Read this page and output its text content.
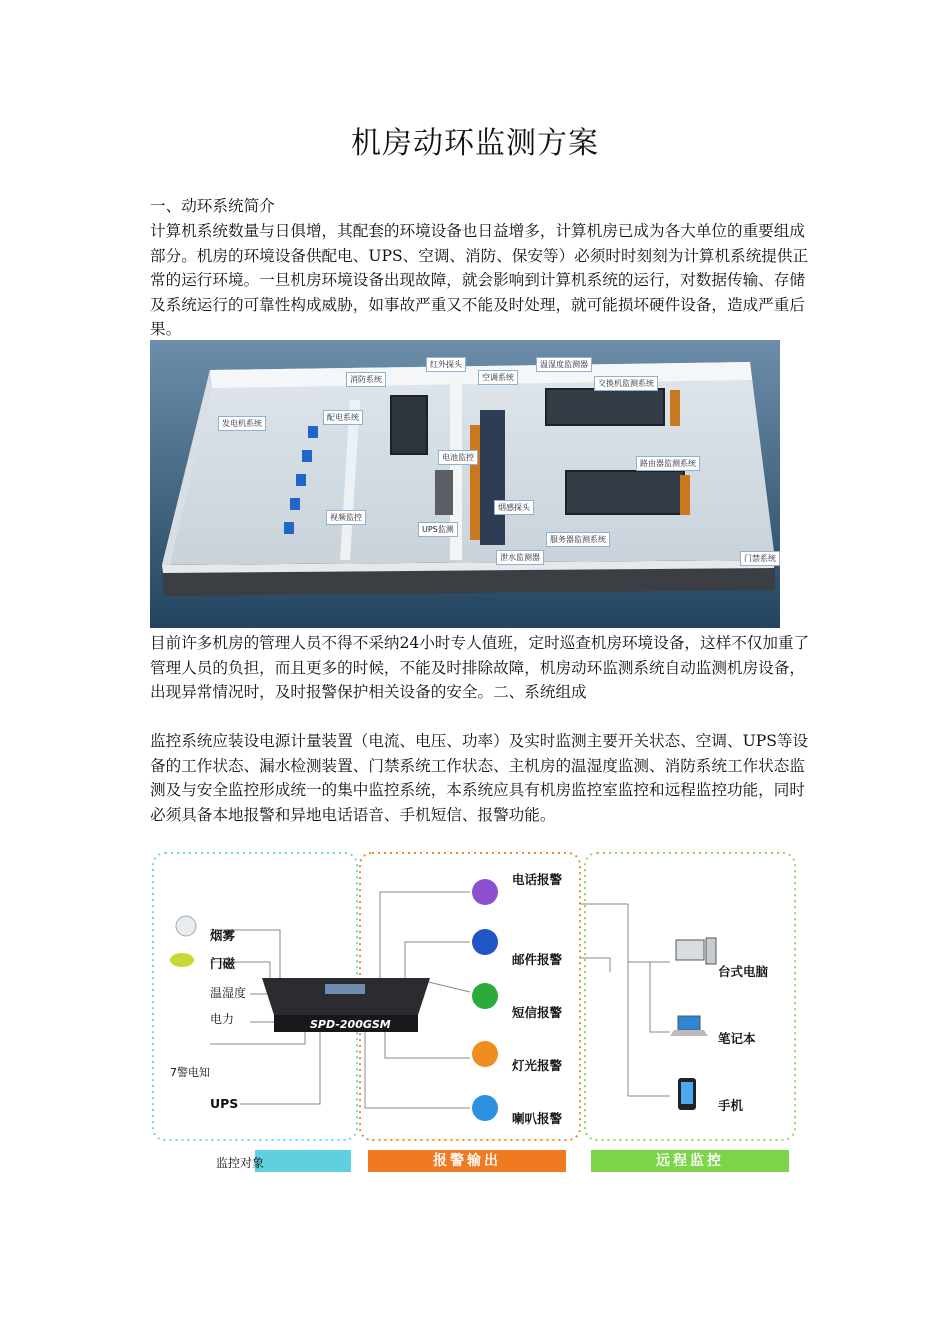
机房动环监测方案
一、动环系统简介
计算机系统数量与日俱增，其配套的环境设备也日益增多，计算机房已成为各大单位的重要组成部分。机房的环境设备供配电、UPS、空调、消防、保安等）必须时时刻刻为计算机系统提供正常的运行环境。一旦机房环境设备出现故障，就会影响到计算机系统的运行，对数据传输、存储及系统运行的可靠性构成威胁，如事故严重又不能及时处理，就可能损坏硬件设备，造成严重后果。
发电机系统
消防系统
配电系统
红外探头
空调系统
温湿度监测器
交换机监测系统
电池监控
路由器监测系统
视频监控
UPS监测
烟感探头
服务器监测系统
泄水监测器	门禁系统
目前许多机房的管理人员不得不采纳24小时专人值班，定时巡查机房环境设备，这样不仅加重了管理人员的负担，而且更多的时候，不能及时排除故障，机房动环监测系统自动监测机房设备，出现异常情况时，及时报警保护相关设备的安全。二、系统组成
监控系统应装设电源计量装置（电流、电压、功率）及实时监测主要开关状态、空调、UPS等设备的工作状态、漏水检测装置、门禁系统工作状态、主机房的温湿度监测、消防系统工作状态监测及与安全监控形成统一的集中监控系统，本系统应具有机房监控室监控和远程监控功能，同时必须具备本地报警和异地电话语音、手机短信、报警功能。
烟雾
门磁
温湿度
电力
7警电知
UPS
SPD-200GSM
电话报警
邮件报警
短信报警
灯光报警
喇叭报警
台式电脑
笔记本
手机
监控对象	报警输出	远程监控
